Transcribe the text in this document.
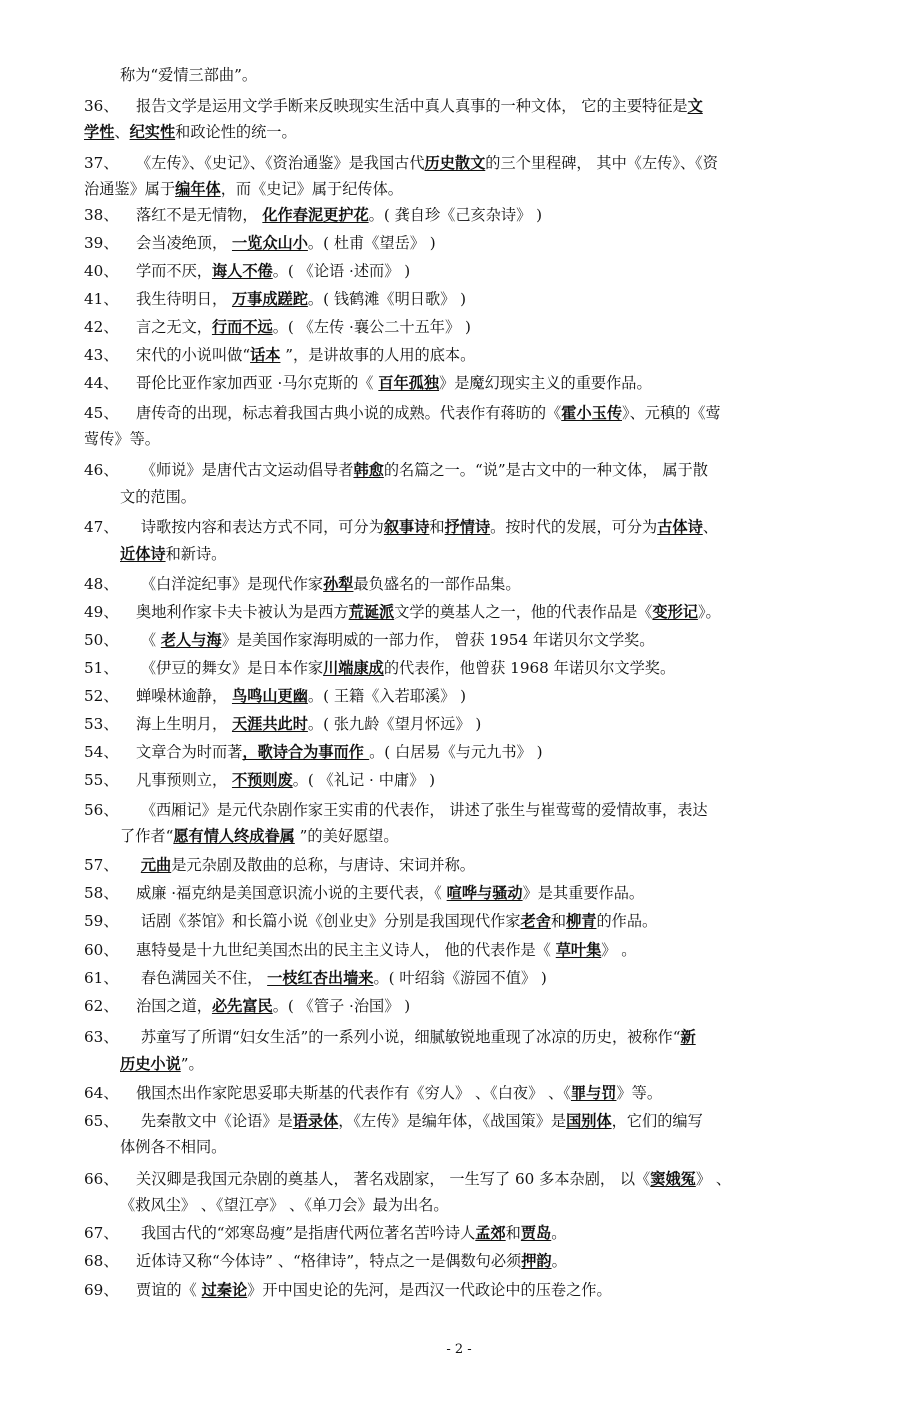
称为“爱情三部曲”。
36、 报告文学是运用文学手断来反映现实生活中真人真事的一种文体， 它的主要特征是文
学性、纪实性和政论性的统一。
37、 《左传》、《史记》、《资治通鉴》是我国古代历史散文的三个里程碑， 其中《左传》、《资
治通鉴》属于编年体，而《史记》属于纪传体。
38、 落红不是无情物， 化作春泥更护花。( 龚自珍《己亥杂诗》 )
39、 会当凌绝顶， 一览众山小。( 杜甫《望岳》 )
40、 学而不厌，诲人不倦。( 《论语 ·述而》 )
41、 我生待明日， 万事成蹉跎。( 钱鹤滩《明日歌》 )
42、 言之无文，行而不远。( 《左传 ·襄公二十五年》 )
43、 宋代的小说叫做“话本 ”，是讲故事的人用的底本。
44、 哥伦比亚作家加西亚 ·马尔克斯的《 百年孤独》是魔幻现实主义的重要作品。
45、 唐传奇的出现，标志着我国古典小说的成熟。代表作有蒋昉的《霍小玉传》、元稹的《莺
莺传》等。
46、 《师说》是唐代古文运动倡导者韩愈的名篇之一。“说”是古文中的一种文体， 属于散
文的范围。
47、 诗歌按内容和表达方式不同，可分为叙事诗和抒情诗。按时代的发展，可分为古体诗、
近体诗和新诗。
48、 《白洋淀纪事》是现代作家孙犁最负盛名的一部作品集。
49、 奥地利作家卡夫卡被认为是西方荒诞派文学的奠基人之一，他的代表作品是《变形记》。
50、 《 老人与海》是美国作家海明威的一部力作， 曾获 1954 年诺贝尔文学奖。
51、 《伊豆的舞女》是日本作家川端康成的代表作，他曾获 1968 年诺贝尔文学奖。
52、 蝉噪林逾静， 鸟鸣山更幽。( 王籍《入若耶溪》 )
53、 海上生明月， 天涯共此时。( 张九龄《望月怀远》 )
54、 文章合为时而著，歌诗合为事而作 。( 白居易《与元九书》 )
55、 凡事预则立， 不预则废。( 《礼记 · 中庸》 )
56、 《西厢记》是元代杂剧作家王实甫的代表作， 讲述了张生与崔莺莺的爱情故事，表达
了作者“愿有情人终成眷属 ”的美好愿望。
57、 元曲是元杂剧及散曲的总称，与唐诗、宋词并称。
58、 威廉 ·福克纳是美国意识流小说的主要代表，《 喧哗与骚动》是其重要作品。
59、 话剧《茶馆》和长篇小说《创业史》分别是我国现代作家老舍和柳青的作品。
60、 惠特曼是十九世纪美国杰出的民主主义诗人， 他的代表作是《 草叶集》 。
61、 春色满园关不住， 一枝红杏出墙来。( 叶绍翁《游园不值》 )
62、 治国之道，必先富民。( 《管子 ·治国》 )
63、 苏童写了所谓“妇女生活”的一系列小说，细腻敏锐地重现了冰凉的历史，被称作“新
历史小说”。
64、 俄国杰出作家陀思妥耶夫斯基的代表作有《穷人》 、《白夜》 、《罪与罚》等。
65、 先秦散文中《论语》是语录体，《左传》是编年体，《战国策》是国别体，它们的编写
体例各不相同。
66、 关汉卿是我国元杂剧的奠基人， 著名戏剧家， 一生写了 60 多本杂剧， 以《窦娥冤》 、
《救风尘》 、《望江亭》 、《单刀会》最为出名。
67、 我国古代的“郊寒岛瘦”是指唐代两位著名苦吟诗人孟郊和贾岛。
68、 近体诗又称“今体诗” 、“格律诗”，特点之一是偶数句必须押韵。
69、 贾谊的《 过秦论》开中国史论的先河，是西汉一代政论中的压卷之作。
- 2 -
